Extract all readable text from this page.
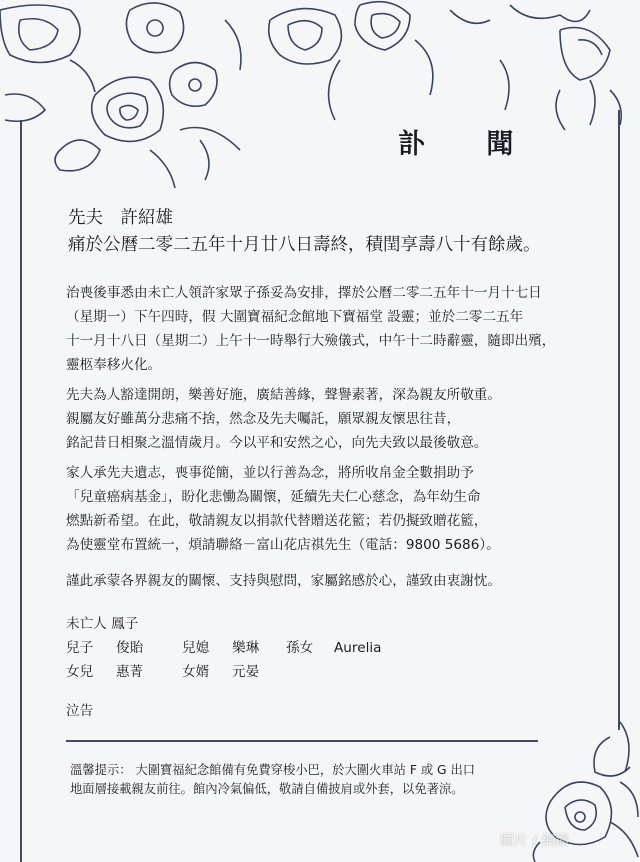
訃 聞
先夫　許紹雄
痛於公曆二零二五年十月廿八日壽終，積閏享壽八十有餘歲。
治喪後事悉由未亡人領許家眾子孫妥為安排，擇於公曆二零二五年十一月十七日
（星期一）下午四時，假 大圍寶福紀念館地下寶福堂 設靈；並於二零二五年
十一月十八日（星期二）上午十一時舉行大殮儀式，中午十二時辭靈，隨即出殯，
靈柩奉移火化。
先夫為人豁達開朗，樂善好施，廣結善緣，聲譽素著，深為親友所敬重。
親屬友好雖萬分悲痛不捨，然念及先夫囑託，願眾親友懷思往昔，
銘記昔日相聚之溫情歲月。今以平和安然之心，向先夫致以最後敬意。
家人承先夫遺志，喪事從簡，並以行善為念，將所收帛金全數捐助予
「兒童癌病基金」，盼化悲慟為關懷，延續先夫仁心慈念，為年幼生命
燃點新希望。在此，敬請親友以捐款代替贈送花籃；若仍擬致贈花籃，
為使靈堂布置統一，煩請聯絡－富山花店祺先生（電話：9800 5686）。
謹此承蒙各界親友的關懷、支持與慰問，家屬銘感於心，謹致由衷謝忱。
未亡人 鳳子
兒子 俊貽	兒媳 樂琳 孫女 Aurelia
女兒 惠菁	女婿 元晏
泣告
溫馨提示： 大圍寶福紀念館備有免費穿梭小巴，於大圍火車站 F 或 G 出口
地面層接載親友前往。館內冷氣偏低，敬請自備披肩或外套，以免著涼。
圖片 / 網絡
